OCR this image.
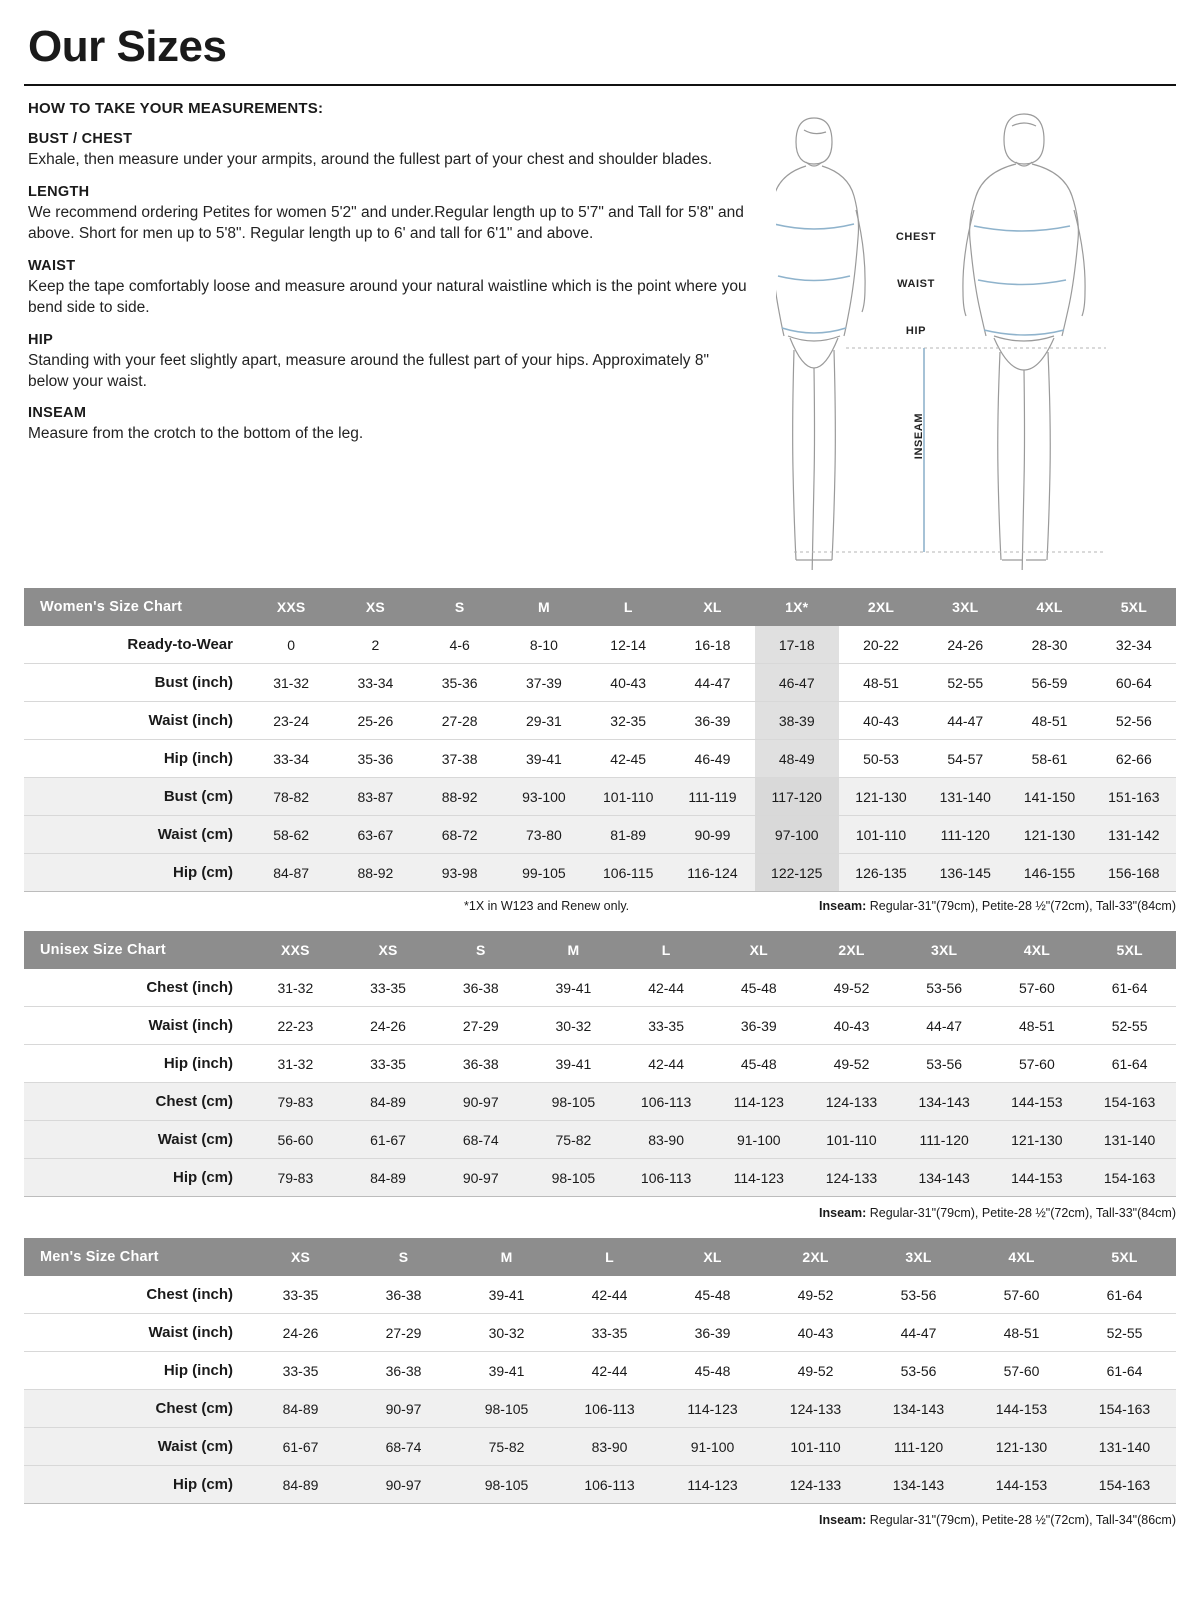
Our Sizes
HOW TO TAKE YOUR MEASUREMENTS:
BUST / CHEST
Exhale, then measure under your armpits, around the fullest part of your chest and shoulder blades.
LENGTH
We recommend ordering Petites for women 5'2" and under.Regular length up to 5'7" and Tall for 5'8" and above. Short for men up to 5'8". Regular length up to 6' and tall for 6'1" and above.
WAIST
Keep the tape comfortably loose and measure around your natural waistline which is the point where you bend side to side.
HIP
Standing with your feet slightly apart, measure around the fullest part of your hips. Approximately 8" below your waist.
INSEAM
Measure from the crotch to the bottom of the leg.
CHEST
WAIST
HIP
INSEAM
Women's Size Chart	XXS	XS	S	M	L	XL	1X*	2XL	3XL	4XL	5XL
Ready-to-Wear	0	2	4-6	8-10	12-14	16-18	17-18	20-22	24-26	28-30	32-34
Bust (inch)	31-32	33-34	35-36	37-39	40-43	44-47	46-47	48-51	52-55	56-59	60-64
Waist (inch)	23-24	25-26	27-28	29-31	32-35	36-39	38-39	40-43	44-47	48-51	52-56
Hip (inch)	33-34	35-36	37-38	39-41	42-45	46-49	48-49	50-53	54-57	58-61	62-66
Bust (cm)	78-82	83-87	88-92	93-100	101-110	111-119	117-120	121-130	131-140	141-150	151-163
Waist (cm)	58-62	63-67	68-72	73-80	81-89	90-99	97-100	101-110	111-120	121-130	131-142
Hip (cm)	84-87	88-92	93-98	99-105	106-115	116-124	122-125	126-135	136-145	146-155	156-168
*1X in W123 and Renew only.	Inseam: Regular-31"(79cm), Petite-28 ½"(72cm), Tall-33"(84cm)
Unisex Size Chart	XXS	XS	S	M	L	XL	2XL	3XL	4XL	5XL
Chest (inch)	31-32	33-35	36-38	39-41	42-44	45-48	49-52	53-56	57-60	61-64
Waist (inch)	22-23	24-26	27-29	30-32	33-35	36-39	40-43	44-47	48-51	52-55
Hip (inch)	31-32	33-35	36-38	39-41	42-44	45-48	49-52	53-56	57-60	61-64
Chest (cm)	79-83	84-89	90-97	98-105	106-113	114-123	124-133	134-143	144-153	154-163
Waist (cm)	56-60	61-67	68-74	75-82	83-90	91-100	101-110	111-120	121-130	131-140
Hip (cm)	79-83	84-89	90-97	98-105	106-113	114-123	124-133	134-143	144-153	154-163
Inseam: Regular-31"(79cm), Petite-28 ½"(72cm), Tall-33"(84cm)
Men's Size Chart	XS	S	M	L	XL	2XL	3XL	4XL	5XL
Chest (inch)	33-35	36-38	39-41	42-44	45-48	49-52	53-56	57-60	61-64
Waist (inch)	24-26	27-29	30-32	33-35	36-39	40-43	44-47	48-51	52-55
Hip (inch)	33-35	36-38	39-41	42-44	45-48	49-52	53-56	57-60	61-64
Chest (cm)	84-89	90-97	98-105	106-113	114-123	124-133	134-143	144-153	154-163
Waist (cm)	61-67	68-74	75-82	83-90	91-100	101-110	111-120	121-130	131-140
Hip (cm)	84-89	90-97	98-105	106-113	114-123	124-133	134-143	144-153	154-163
Inseam: Regular-31"(79cm), Petite-28 ½"(72cm), Tall-34"(86cm)
